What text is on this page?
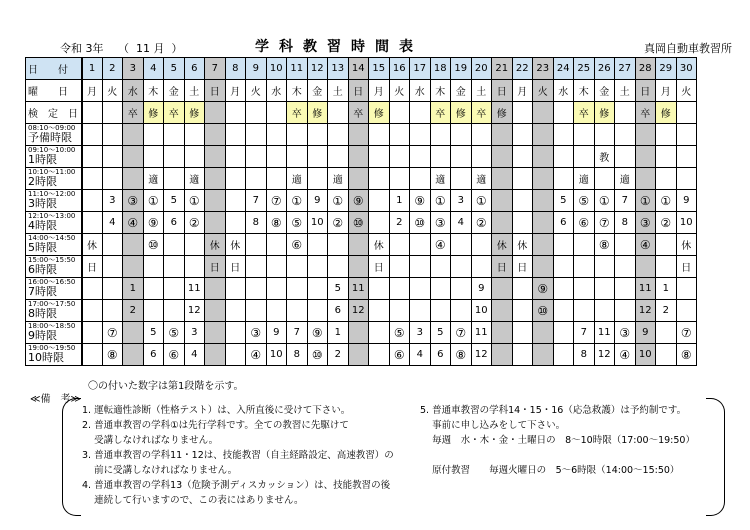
令和 3年 （  11 月  ）	学科教習時間表	真岡自動車教習所
日　　付	1	2	3	4	5	6	7	8	9	10	11	12	13	14	15	16	17	18	19	20	21	22	23	24	25	26	27	28	29	30
曜　　日	月	火	水	木	金	土	日	月	火	水	木	金	土	日	月	火	水	木	金	土	日	月	火	水	木	金	土	日	月	火
検　定　日			卒	修	卒	修					卒	修		卒	修			卒	修	卒	修				卒	修		卒	修	

08:10～09:00
予備時限																														

09:10～10:00
1時限																										教				

10:10～11:00
2時限				適		適					適		適					適		適					適		適			

11:10～12:00
3時限		3	③	①	5	①			7	⑦	①	9	①	⑨		1	⑨	①	3	①				5	⑤	①	7	①	①	9

12:10～13:00
4時限		4	④	⑨	6	②			8	⑧	⑤	10	②	⑩		2	⑩	③	4	②				6	⑥	⑦	8	③	②	10

14:00～14:50
5時限	休			⑩			休	休			⑥				休			④			休	休				⑧		④		休

15:00～15:50
6時限	日						日	日							日						日	日								日

16:00～16:50
7時限			1			11							5	11						9			⑨					11	1	

17:00～17:50
8時限			2			12							6	12						10			⑩					12	2	

18:00～18:50
9時限		⑦		5	⑤	3			③	9	7	⑨	1			⑤	3	5	⑦	11					7	11	③	9		⑦

19:00～19:50
10時限		⑧		6	⑥	4			④	10	8	⑩	2			⑥	4	6	⑧	12					8	12	④	10		⑧
〇の付いた数字は第1段階を示す。
≪備　考≫
1. 運転適性診断（性格テスト）は、入所直後に受けて下さい。
2. 普通車教習の学科①は先行学科です。全ての教習に先駆けて
受講しなければなりません。
3. 普通車教習の学科11・12は、技能教習（自主経路設定、高速教習）の
前に受講しなければなりません。
4. 普通車教習の学科13（危険予測ディスカッション）は、技能教習の後
連続して行いますので、この表にはありません。
5. 普通車教習の学科14・15・16（応急救護）は予約制です。
事前に申し込みをして下さい。
毎週　水・木・金・土曜日の　8～10時限（17:00～19:50）
原付教習　　毎週火曜日の　5～6時限（14:00～15:50）
